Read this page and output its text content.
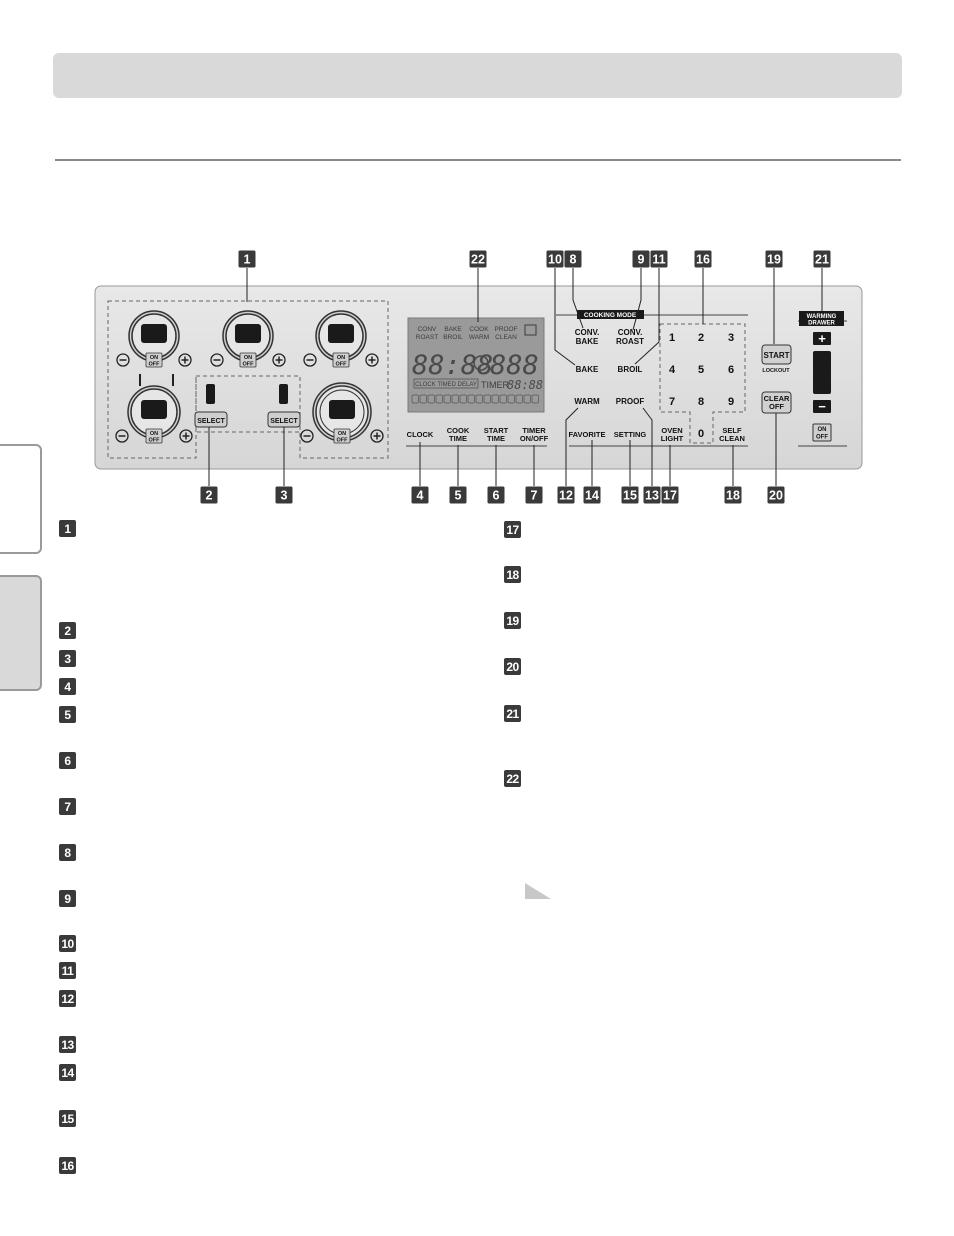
ON
OFF
ON
OFF
ON
OFF
ON
OFF
ON
OFF
SELECT	SELECT
CONV
ROAST
BAKE
BROIL
COOK
WARM
PROOF
CLEAN
88:88
888
CLOCK TIMED DELAY TIMER
88:88
COOKING MODE
CONV.
BAKE
CONV.
ROAST
BAKE BROIL
WARM PROOF
1 2 3
4 5 6
7 8 9
0
CLOCK COOK
TIME
START
TIME
TIMER
ON/OFF	FAVORITE SETTING OVEN
LIGHT
SELF
CLEAN
START
LOCKOUT
CLEAR
OFF
WARMING
DRAWER
+
−
ON
OFF
1	22	10 8	9 11 16	19	21
2	3	4 5 6 7 12 14 15 13 17	18 20
1
2
3
4
5
6
7
8
9
10
11
12
13
14
15
16
17
18
19
20
21
22
